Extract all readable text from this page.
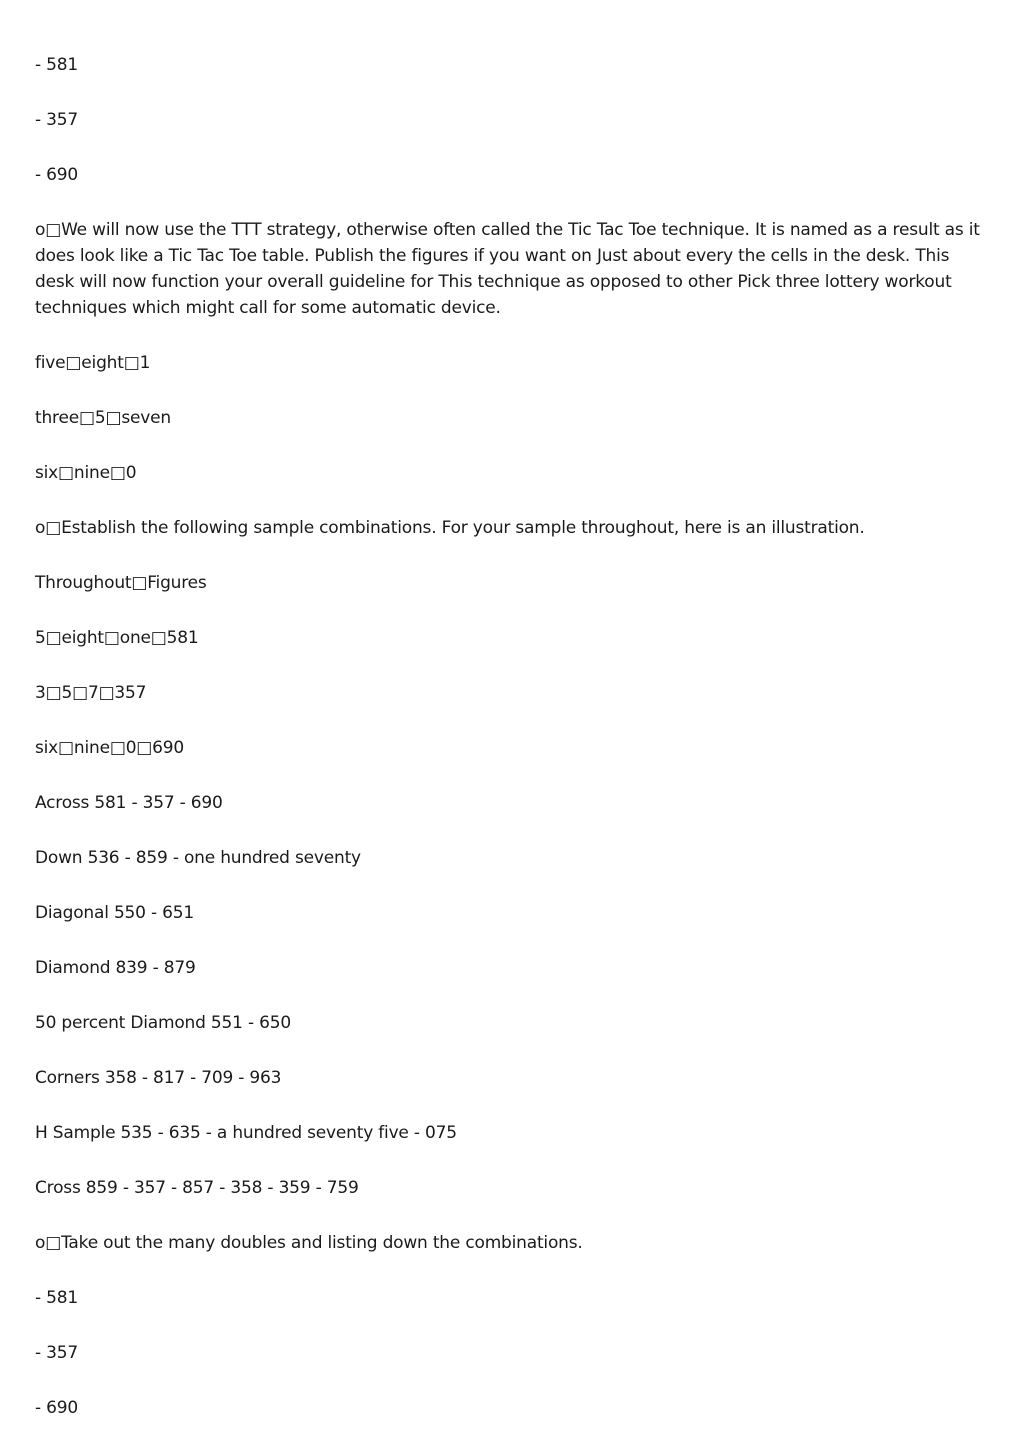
- 581

- 357

- 690

o□We will now use the TTT strategy, otherwise often called the Tic Tac Toe technique. It is named as a result as it does look like a Tic Tac Toe table. Publish the figures if you want on Just about every the cells in the desk. This desk will now function your overall guideline for This technique as opposed to other Pick three lottery workout techniques which might call for some automatic device.

five□eight□1

three□5□seven

six□nine□0

o□Establish the following sample combinations. For your sample throughout, here is an illustration.

Throughout□Figures

5□eight□one□581

3□5□7□357

six□nine□0□690

Across 581 - 357 - 690

Down 536 - 859 - one hundred seventy

Diagonal 550 - 651

Diamond 839 - 879

50 percent Diamond 551 - 650

Corners 358 - 817 - 709 - 963

H Sample 535 - 635 - a hundred seventy five - 075

Cross 859 - 357 - 857 - 358 - 359 - 759

o□Take out the many doubles and listing down the combinations.

- 581

- 357

- 690
